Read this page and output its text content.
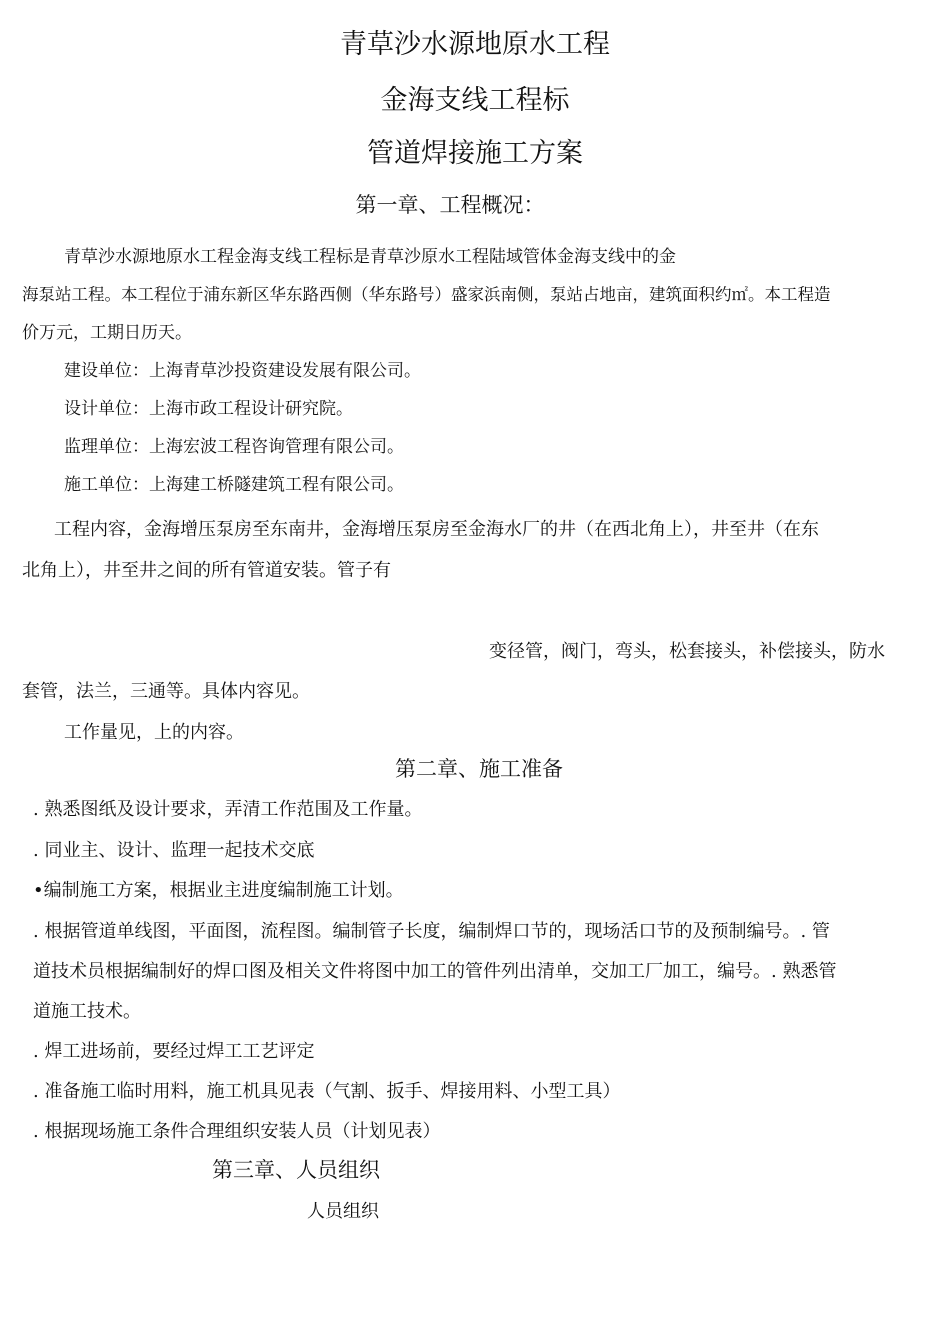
青草沙水源地原水工程
金海支线工程标
管道焊接施工方案
第一章、工程概况：
青草沙水源地原水工程金海支线工程标是青草沙原水工程陆域管体金海支线中的金
海泵站工程。本工程位于浦东新区华东路西侧（华东路号）盛家浜南侧，泵站占地亩，建筑面积约㎡。本工程造
价万元，工期日历天。
建设单位：上海青草沙投资建设发展有限公司。
设计单位：上海市政工程设计研究院。
监理单位：上海宏波工程咨询管理有限公司。
施工单位：上海建工桥隧建筑工程有限公司。
工程内容，金海增压泵房至东南井，金海增压泵房至金海水厂的井（在西北角上），井至井（在东
北角上），井至井之间的所有管道安装。管子有
变径管，阀门，弯头，松套接头，补偿接头，防水
套管，法兰，三通等。具体内容见。
工作量见，上的内容。
第二章、施工准备
. 熟悉图纸及设计要求，弄清工作范围及工作量。
. 同业主、设计、监理一起技术交底
•编制施工方案，根据业主进度编制施工计划。
. 根据管道单线图，平面图，流程图。编制管子长度，编制焊口节的，现场活口节的及预制编号。. 管
道技术员根据编制好的焊口图及相关文件将图中加工的管件列出清单，交加工厂加工，编号。. 熟悉管
道施工技术。
. 焊工进场前，要经过焊工工艺评定
. 准备施工临时用料，施工机具见表（气割、扳手、焊接用料、小型工具）
. 根据现场施工条件合理组织安装人员（计划见表）
第三章、人员组织
人员组织
